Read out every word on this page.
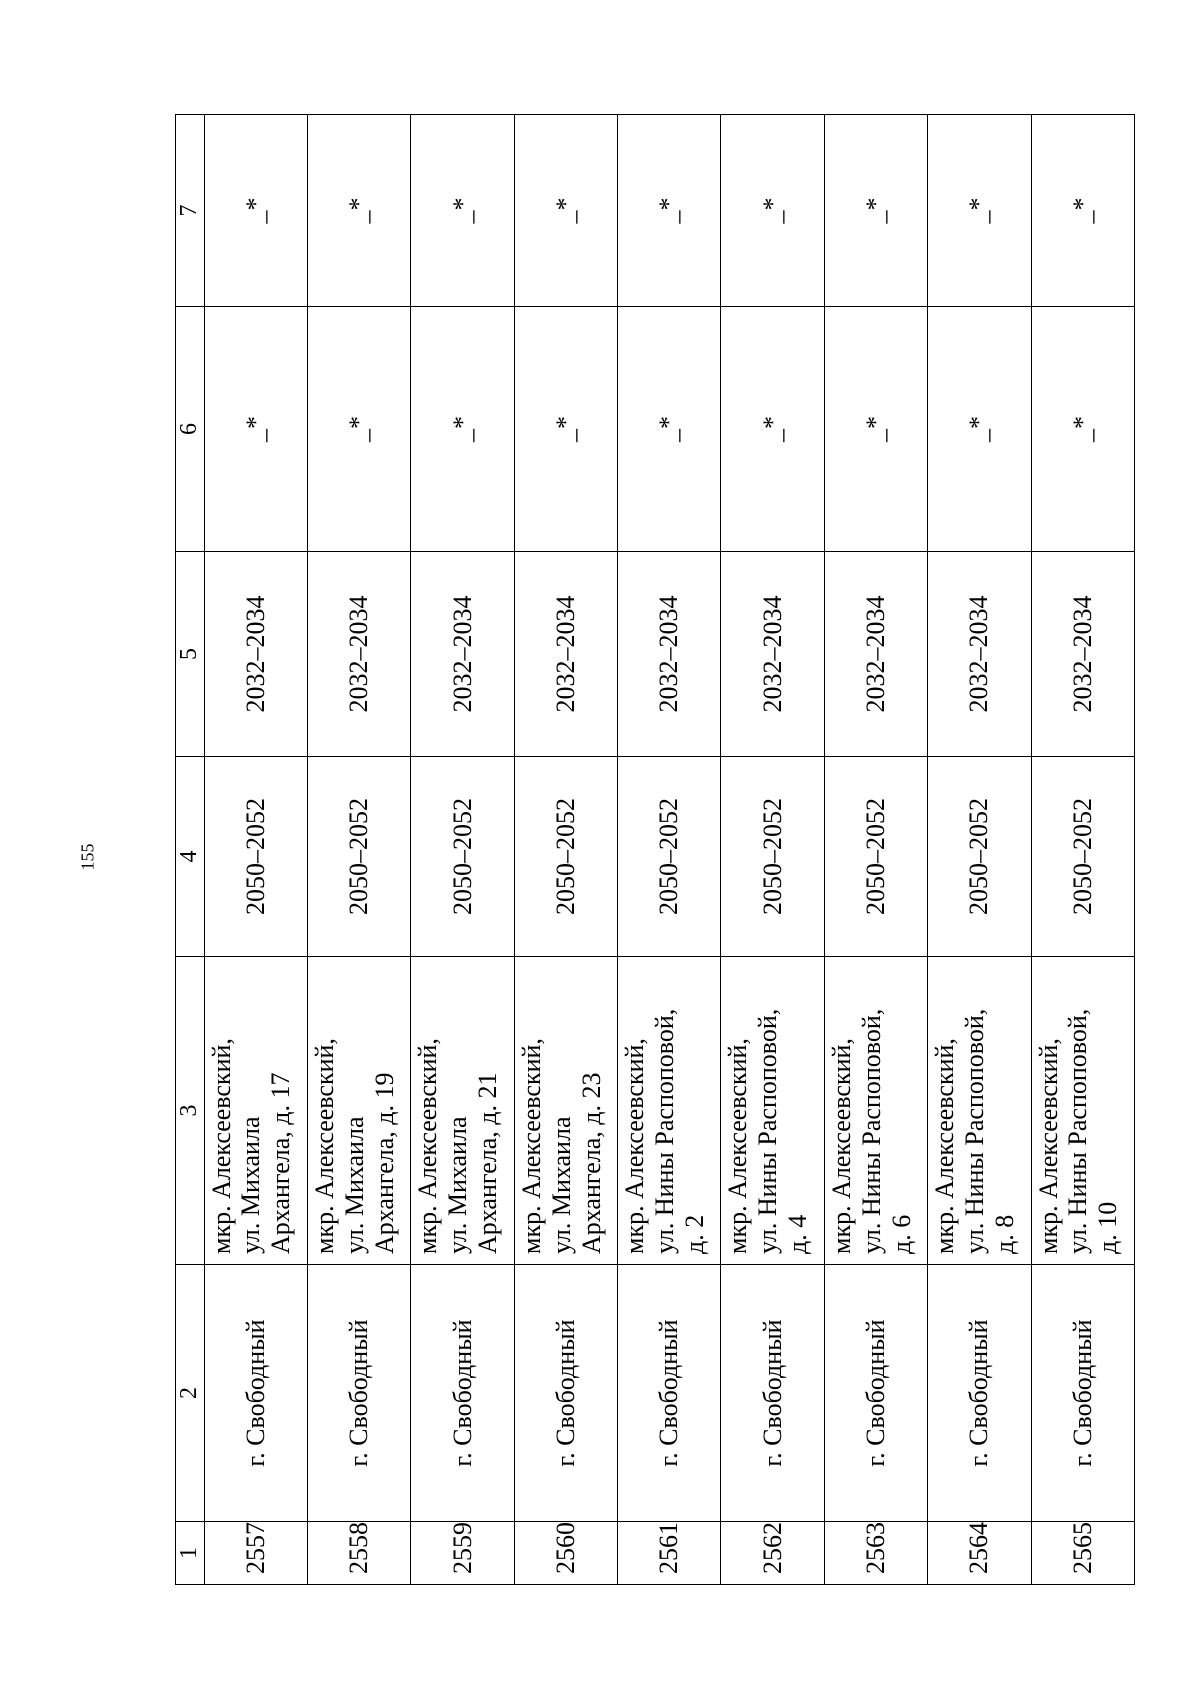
155
1	2	3	4	5	6	7
2557	г. Свободный	мкр. Алексеевский, ул. Михаила Архангела, д. 17	2050–2052	2032–2034	_*	_*
2558	г. Свободный	мкр. Алексеевский, ул. Михаила Архангела, д. 19	2050–2052	2032–2034	_*	_*
2559	г. Свободный	мкр. Алексеевский, ул. Михаила Архангела, д. 21	2050–2052	2032–2034	_*	_*
2560	г. Свободный	мкр. Алексеевский, ул. Михаила Архангела, д. 23	2050–2052	2032–2034	_*	_*
2561	г. Свободный	мкр. Алексеевский, ул. Нины Распоповой, д. 2	2050–2052	2032–2034	_*	_*
2562	г. Свободный	мкр. Алексеевский, ул. Нины Распоповой, д. 4	2050–2052	2032–2034	_*	_*
2563	г. Свободный	мкр. Алексеевский, ул. Нины Распоповой, д. 6	2050–2052	2032–2034	_*	_*
2564	г. Свободный	мкр. Алексеевский, ул. Нины Распоповой, д. 8	2050–2052	2032–2034	_*	_*
2565	г. Свободный	мкр. Алексеевский, ул. Нины Распоповой, д. 10	2050–2052	2032–2034	_*	_*
